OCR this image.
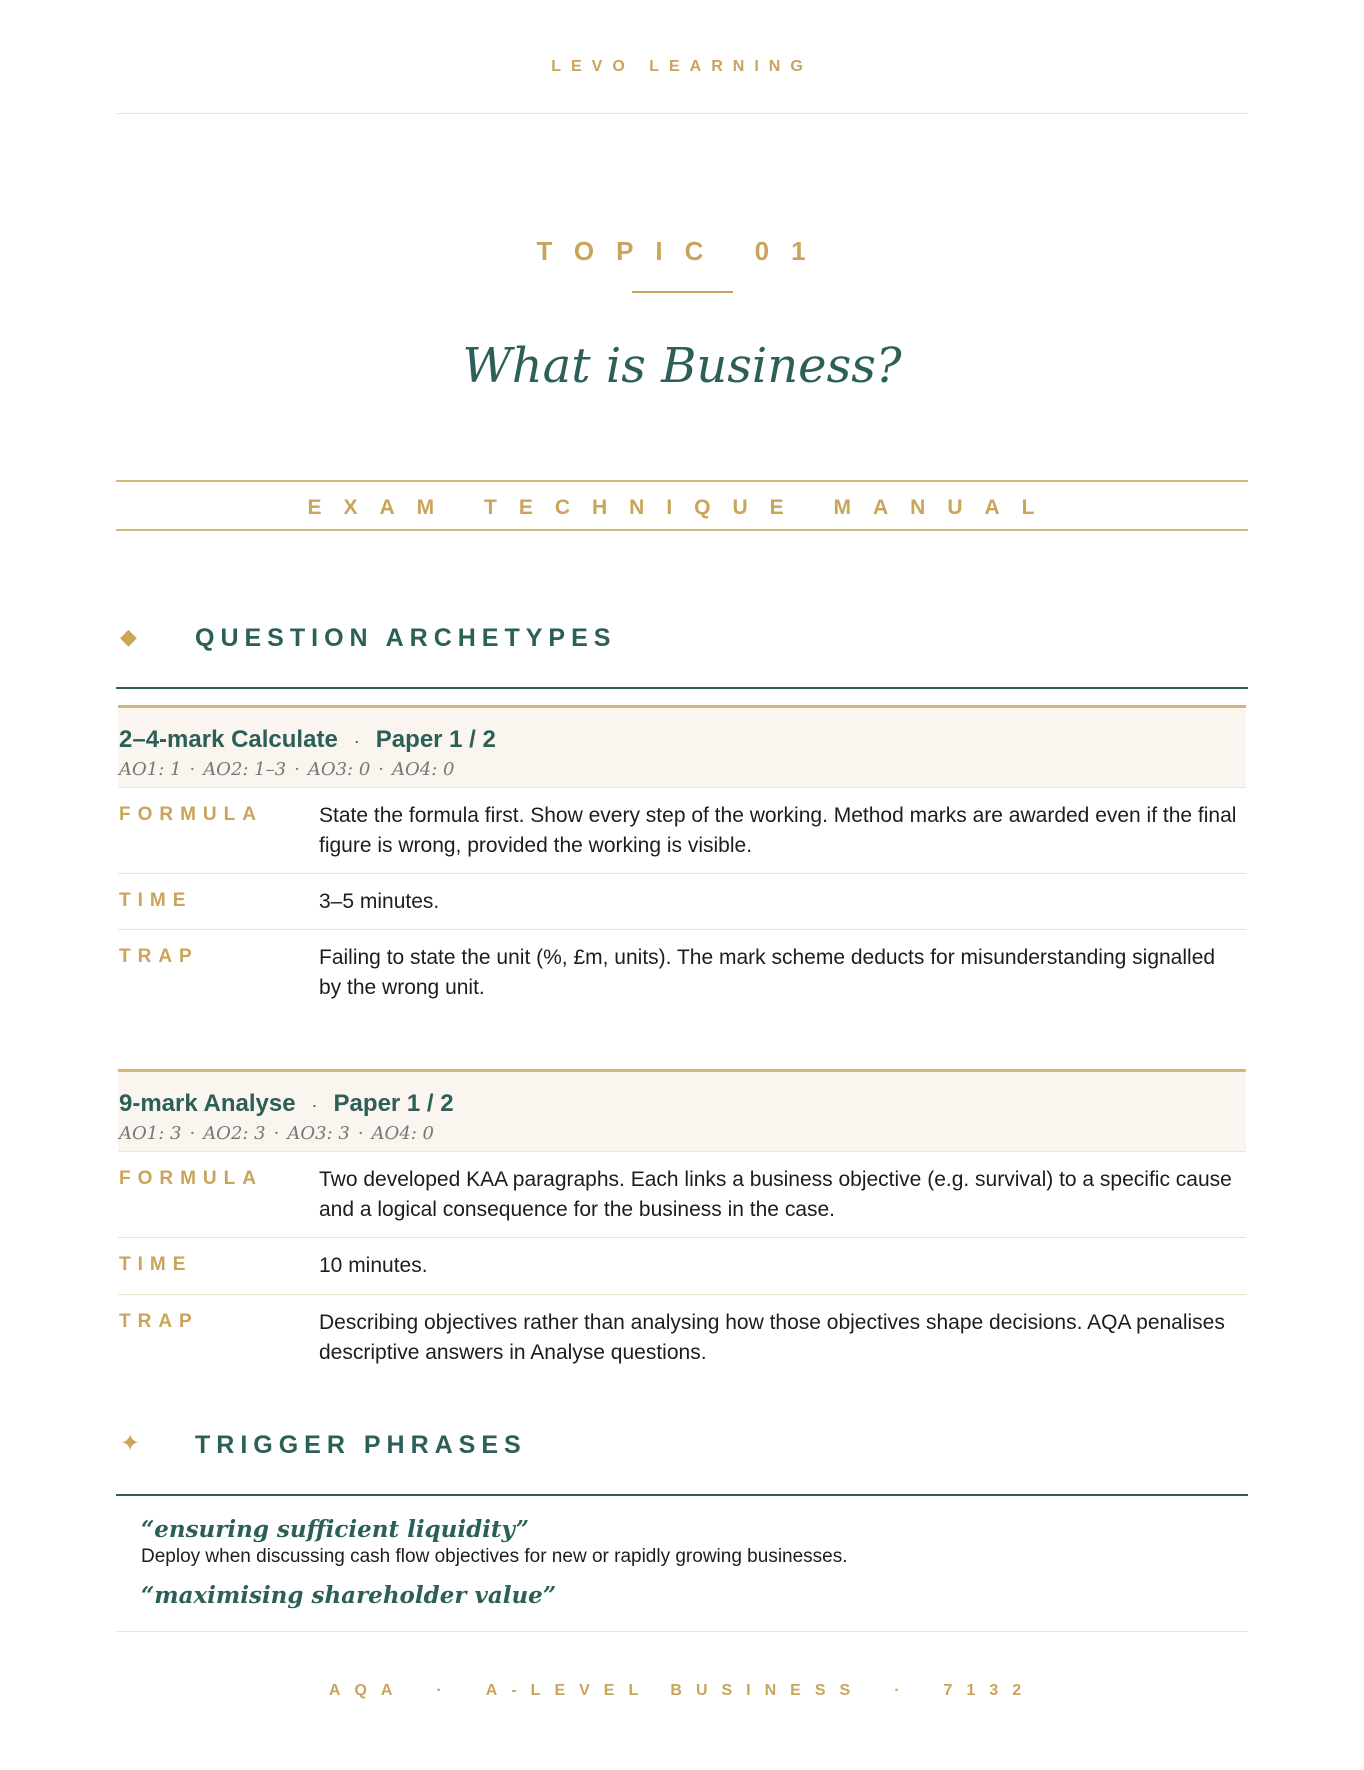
LEVO LEARNING
TOPIC 01
What is Business?
EXAM TECHNIQUE MANUAL
◆ QUESTION ARCHETYPES
2–4-mark Calculate · Paper 1 / 2
AO1: 1 · AO2: 1–3 · AO3: 0 · AO4: 0
FORMULA	State the formula first. Show every step of the working. Method marks are awarded even if the final figure is wrong, provided the working is visible.
TIME	3–5 minutes.
TRAP	Failing to state the unit (%, £m, units). The mark scheme deducts for misunderstanding signalled by the wrong unit.
9-mark Analyse · Paper 1 / 2
AO1: 3 · AO2: 3 · AO3: 3 · AO4: 0
FORMULA	Two developed KAA paragraphs. Each links a business objective (e.g. survival) to a specific cause and a logical consequence for the business in the case.
TIME	10 minutes.
TRAP	Describing objectives rather than analysing how those objectives shape decisions. AQA penalises descriptive answers in Analyse questions.
✦ TRIGGER PHRASES
“ensuring sufficient liquidity”
Deploy when discussing cash flow objectives for new or rapidly growing businesses.
“maximising shareholder value”
AQA · A-LEVEL BUSINESS · 7132
